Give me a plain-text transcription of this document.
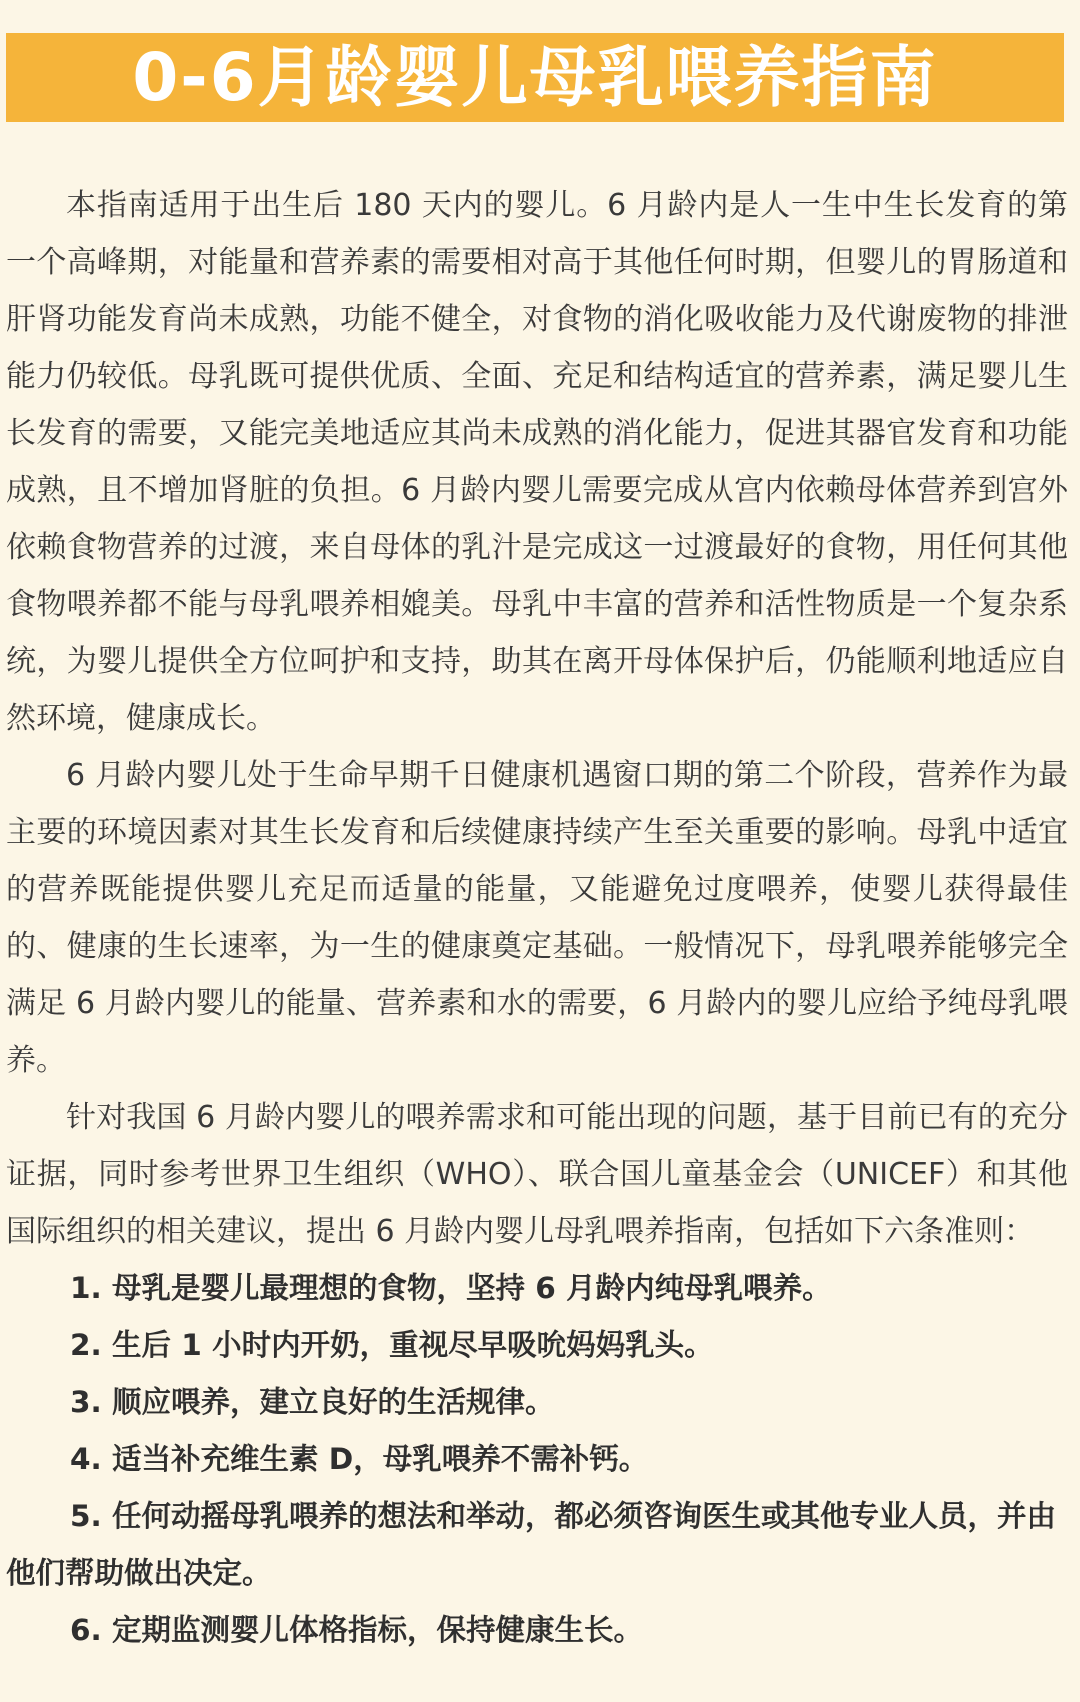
0-6月龄婴儿母乳喂养指南

本指南适用于出生后 180 天内的婴儿。6 月龄内是人一生中生长发育的第一个高峰期，对能量和营养素的需要相对高于其他任何时期，但婴儿的胃肠道和肝肾功能发育尚未成熟，功能不健全，对食物的消化吸收能力及代谢废物的排泄能力仍较低。母乳既可提供优质、全面、充足和结构适宜的营养素，满足婴儿生长发育的需要，又能完美地适应其尚未成熟的消化能力，促进其器官发育和功能成熟，且不增加肾脏的负担。6 月龄内婴儿需要完成从宫内依赖母体营养到宫外依赖食物营养的过渡，来自母体的乳汁是完成这一过渡最好的食物，用任何其他食物喂养都不能与母乳喂养相媲美。母乳中丰富的营养和活性物质是一个复杂系统，为婴儿提供全方位呵护和支持，助其在离开母体保护后，仍能顺利地适应自然环境，健康成长。

6 月龄内婴儿处于生命早期千日健康机遇窗口期的第二个阶段，营养作为最主要的环境因素对其生长发育和后续健康持续产生至关重要的影响。母乳中适宜的营养既能提供婴儿充足而适量的能量，又能避免过度喂养，使婴儿获得最佳的、健康的生长速率，为一生的健康奠定基础。一般情况下，母乳喂养能够完全满足 6 月龄内婴儿的能量、营养素和水的需要，6 月龄内的婴儿应给予纯母乳喂养。

针对我国 6 月龄内婴儿的喂养需求和可能出现的问题，基于目前已有的充分证据，同时参考世界卫生组织（WHO）、联合国儿童基金会（UNICEF）和其他国际组织的相关建议，提出 6 月龄内婴儿母乳喂养指南，包括如下六条准则：

1. 母乳是婴儿最理想的食物，坚持 6 月龄内纯母乳喂养。

2. 生后 1 小时内开奶，重视尽早吸吮妈妈乳头。

3. 顺应喂养，建立良好的生活规律。

4. 适当补充维生素 D，母乳喂养不需补钙。

5. 任何动摇母乳喂养的想法和举动，都必须咨询医生或其他专业人员，并由他们帮助做出决定。

6. 定期监测婴儿体格指标，保持健康生长。
